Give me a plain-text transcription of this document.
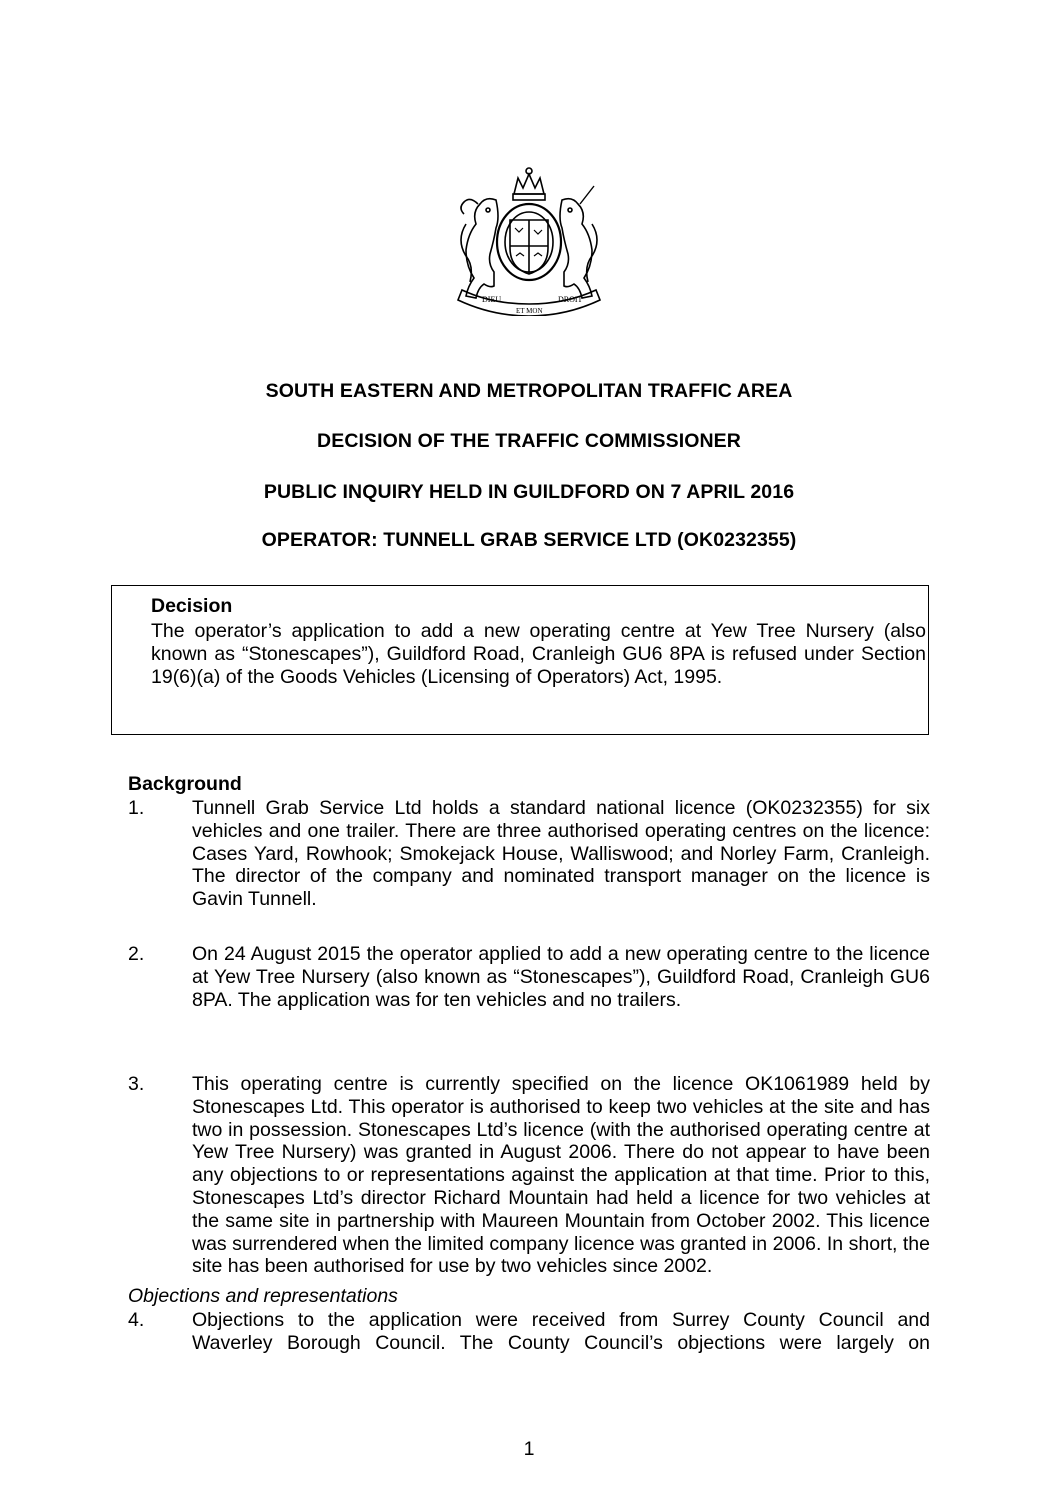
DIEU	DROIT
ET MON
SOUTH EASTERN AND METROPOLITAN TRAFFIC AREA
DECISION OF THE TRAFFIC COMMISSIONER
PUBLIC INQUIRY HELD IN GUILDFORD ON 7 APRIL 2016
OPERATOR: TUNNELL GRAB SERVICE LTD (OK0232355)
Decision
The operator’s application to add a new operating centre at Yew Tree Nursery (also known as “Stonescapes”), Guildford Road, Cranleigh GU6 8PA is refused under Section 19(6)(a) of the Goods Vehicles (Licensing of Operators) Act, 1995.
Background
1. Tunnell Grab Service Ltd holds a standard national licence (OK0232355) for six vehicles and one trailer. There are three authorised operating centres on the licence: Cases Yard, Rowhook; Smokejack House, Walliswood; and Norley Farm, Cranleigh. The director of the company and nominated transport manager on the licence is Gavin Tunnell.
2. On 24 August 2015 the operator applied to add a new operating centre to the licence at Yew Tree Nursery (also known as “Stonescapes”), Guildford Road, Cranleigh GU6 8PA. The application was for ten vehicles and no trailers.
3. This operating centre is currently specified on the licence OK1061989 held by Stonescapes Ltd. This operator is authorised to keep two vehicles at the site and has two in possession. Stonescapes Ltd’s licence (with the authorised operating centre at Yew Tree Nursery) was granted in August 2006. There do not appear to have been any objections to or representations against the application at that time. Prior to this, Stonescapes Ltd’s director Richard Mountain had held a licence for two vehicles at the same site in partnership with Maureen Mountain from October 2002. This licence was surrendered when the limited company licence was granted in 2006. In short, the site has been authorised for use by two vehicles since 2002.
Objections and representations
4. Objections to the application were received from Surrey County Council and Waverley Borough Council. The County Council’s objections were largely on
1
